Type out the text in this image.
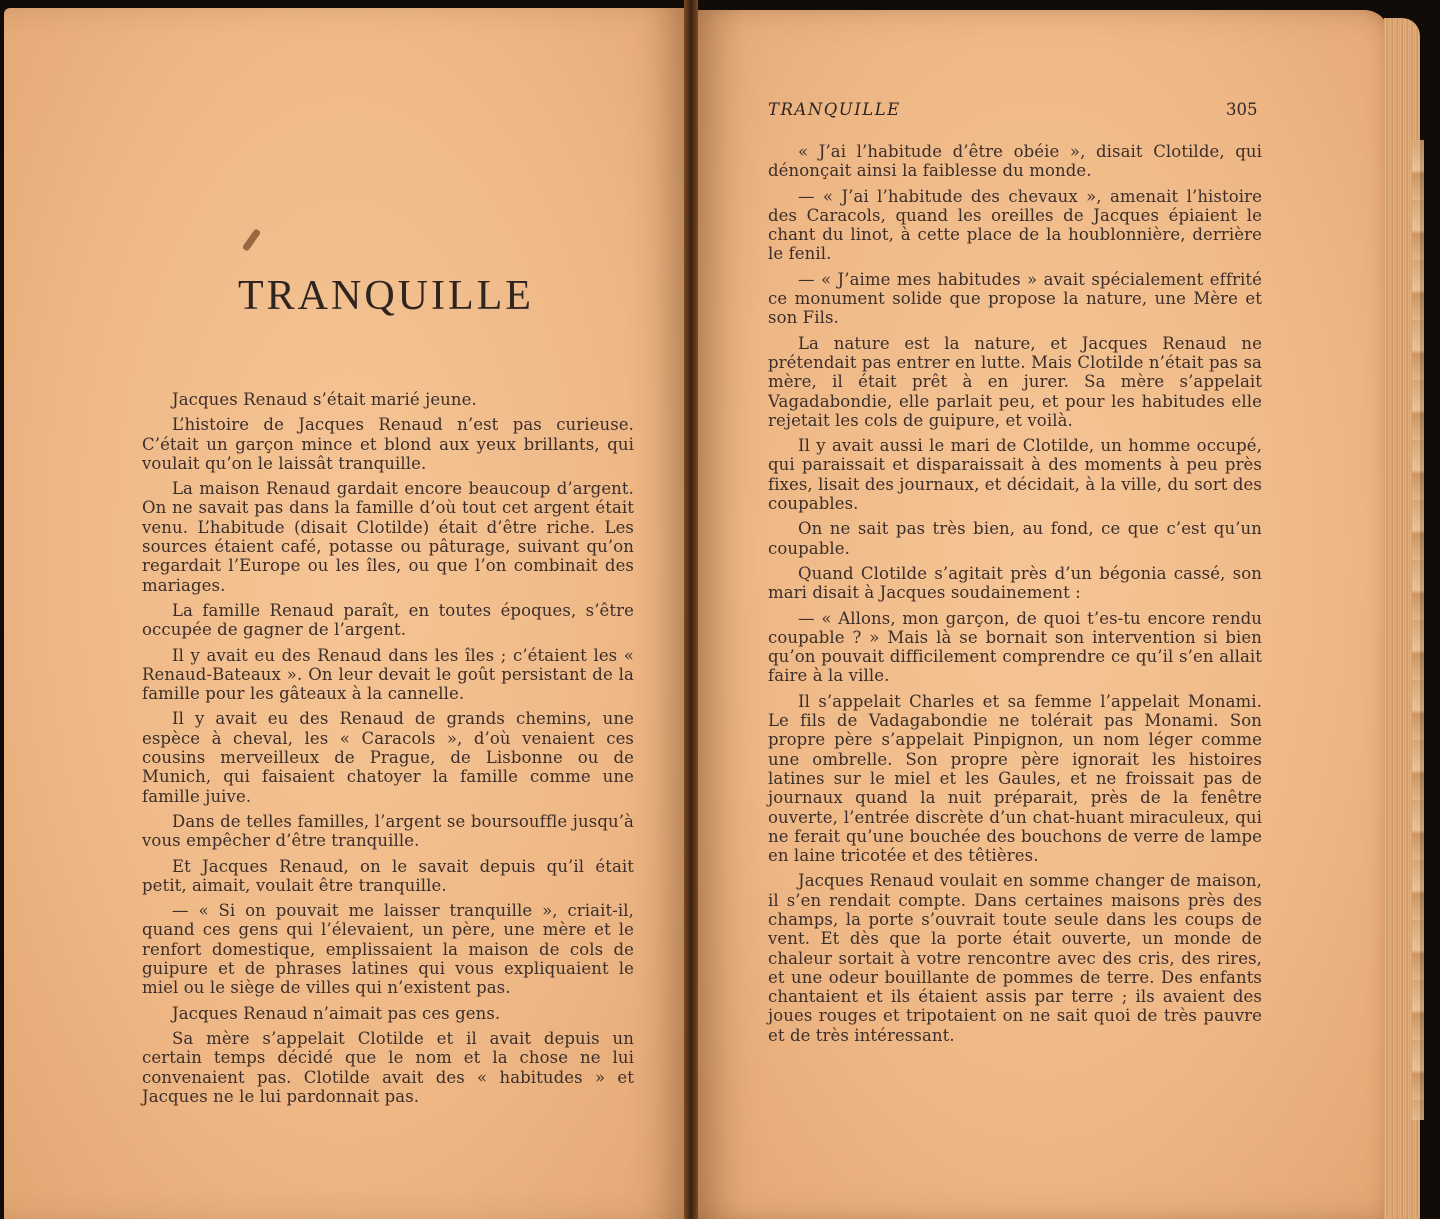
TRANQUILLE

Jacques Renaud s’était marié jeune.

L’histoire de Jacques Renaud n’est pas curieuse. C’était un garçon mince et blond aux yeux brillants, qui voulait qu’on le laissât tranquille.

La maison Renaud gardait encore beaucoup d’argent. On ne savait pas dans la famille d’où tout cet argent était venu. L’habitude (disait Clotilde) était d’être riche. Les sources étaient café, potasse ou pâturage, suivant qu’on regardait l’Europe ou les îles, ou que l’on combinait des mariages.

La famille Renaud paraît, en toutes époques, s’être occupée de gagner de l’argent.

Il y avait eu des Renaud dans les îles ; c’étaient les « Renaud-Bateaux ». On leur devait le goût persistant de la famille pour les gâteaux à la cannelle.

Il y avait eu des Renaud de grands chemins, une espèce à cheval, les « Caracols », d’où venaient ces cousins merveilleux de Prague, de Lisbonne ou de Munich, qui faisaient chatoyer la famille comme une famille juive.

Dans de telles familles, l’argent se boursouffle jusqu’à vous empêcher d’être tranquille.

Et Jacques Renaud, on le savait depuis qu’il était petit, aimait, voulait être tranquille.

— « Si on pouvait me laisser tranquille », criait-il, quand ces gens qui l’élevaient, un père, une mère et le renfort domestique, emplissaient la maison de cols de guipure et de phrases latines qui vous expliquaient le miel ou le siège de villes qui n’existent pas.

Jacques Renaud n’aimait pas ces gens.

Sa mère s’appelait Clotilde et il avait depuis un certain temps décidé que le nom et la chose ne lui convenaient pas. Clotilde avait des « habitudes » et Jacques ne le lui pardonnait pas.

TRANQUILLE	305

« J’ai l’habitude d’être obéie », disait Clotilde, qui dénonçait ainsi la faiblesse du monde.

— « J’ai l’habitude des chevaux », amenait l’histoire des Caracols, quand les oreilles de Jacques épiaient le chant du linot, à cette place de la houblonnière, derrière le fenil.

— « J’aime mes habitudes » avait spécialement effrité ce monument solide que propose la nature, une Mère et son Fils.

La nature est la nature, et Jacques Renaud ne prétendait pas entrer en lutte. Mais Clotilde n’était pas sa mère, il était prêt à en jurer. Sa mère s’appelait Vagadabondie, elle parlait peu, et pour les habitudes elle rejetait les cols de guipure, et voilà.

Il y avait aussi le mari de Clotilde, un homme occupé, qui paraissait et disparaissait à des moments à peu près fixes, lisait des journaux, et décidait, à la ville, du sort des coupables.

On ne sait pas très bien, au fond, ce que c’est qu’un coupable.

Quand Clotilde s’agitait près d’un bégonia cassé, son mari disait à Jacques soudainement :

— « Allons, mon garçon, de quoi t’es-tu encore rendu coupable ? » Mais là se bornait son intervention si bien qu’on pouvait difficilement comprendre ce qu’il s’en allait faire à la ville.

Il s’appelait Charles et sa femme l’appelait Monami. Le fils de Vadagabondie ne tolérait pas Monami. Son propre père s’appelait Pinpignon, un nom léger comme une ombrelle. Son propre père ignorait les histoires latines sur le miel et les Gaules, et ne froissait pas de journaux quand la nuit préparait, près de la fenêtre ouverte, l’entrée discrète d’un chat-huant miraculeux, qui ne ferait qu’une bouchée des bouchons de verre de lampe en laine tricotée et des têtières.

Jacques Renaud voulait en somme changer de maison, il s’en rendait compte. Dans certaines maisons près des champs, la porte s’ouvrait toute seule dans les coups de vent. Et dès que la porte était ouverte, un monde de chaleur sortait à votre rencontre avec des cris, des rires, et une odeur bouillante de pommes de terre. Des enfants chantaient et ils étaient assis par terre ; ils avaient des joues rouges et tripotaient on ne sait quoi de très pauvre et de très intéressant.
